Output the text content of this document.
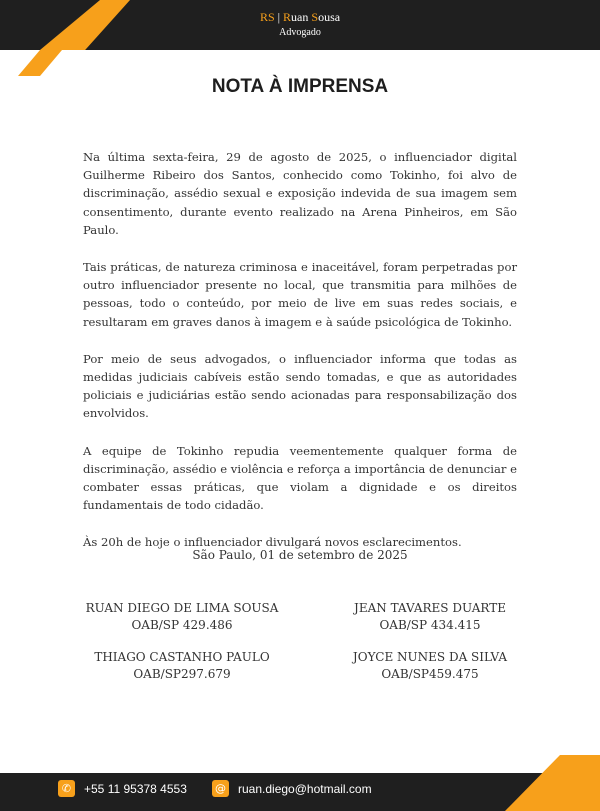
RS | Ruan Sousa
Advogado
NOTA À IMPRENSA

Na última sexta-feira, 29 de agosto de 2025, o influenciador digital Guilherme Ribeiro dos Santos, conhecido como Tokinho, foi alvo de discriminação, assédio sexual e exposição indevida de sua imagem sem consentimento, durante evento realizado na Arena Pinheiros, em São Paulo.

Tais práticas, de natureza criminosa e inaceitável, foram perpetradas por outro influenciador presente no local, que transmitia para milhões de pessoas, todo o conteúdo, por meio de live em suas redes sociais, e resultaram em graves danos à imagem e à saúde psicológica de Tokinho.

Por meio de seus advogados, o influenciador informa que todas as medidas judiciais cabíveis estão sendo tomadas, e que as autoridades policiais e judiciárias estão sendo acionadas para responsabilização dos envolvidos.

A equipe de Tokinho repudia veementemente qualquer forma de discriminação, assédio e violência e reforça a importância de denunciar e combater essas práticas, que violam a dignidade e os direitos fundamentais de todo cidadão.

Às 20h de hoje o influenciador divulgará novos esclarecimentos.

São Paulo, 01 de setembro de 2025
RUAN DIEGO DE LIMA SOUSA
OAB/SP 429.486
JEAN TAVARES DUARTE
OAB/SP 434.415
THIAGO CASTANHO PAULO
OAB/SP297.679
JOYCE NUNES DA SILVA
OAB/SP459.475
✆	+55 11 95378 4553	@ ruan.diego@hotmail.com
